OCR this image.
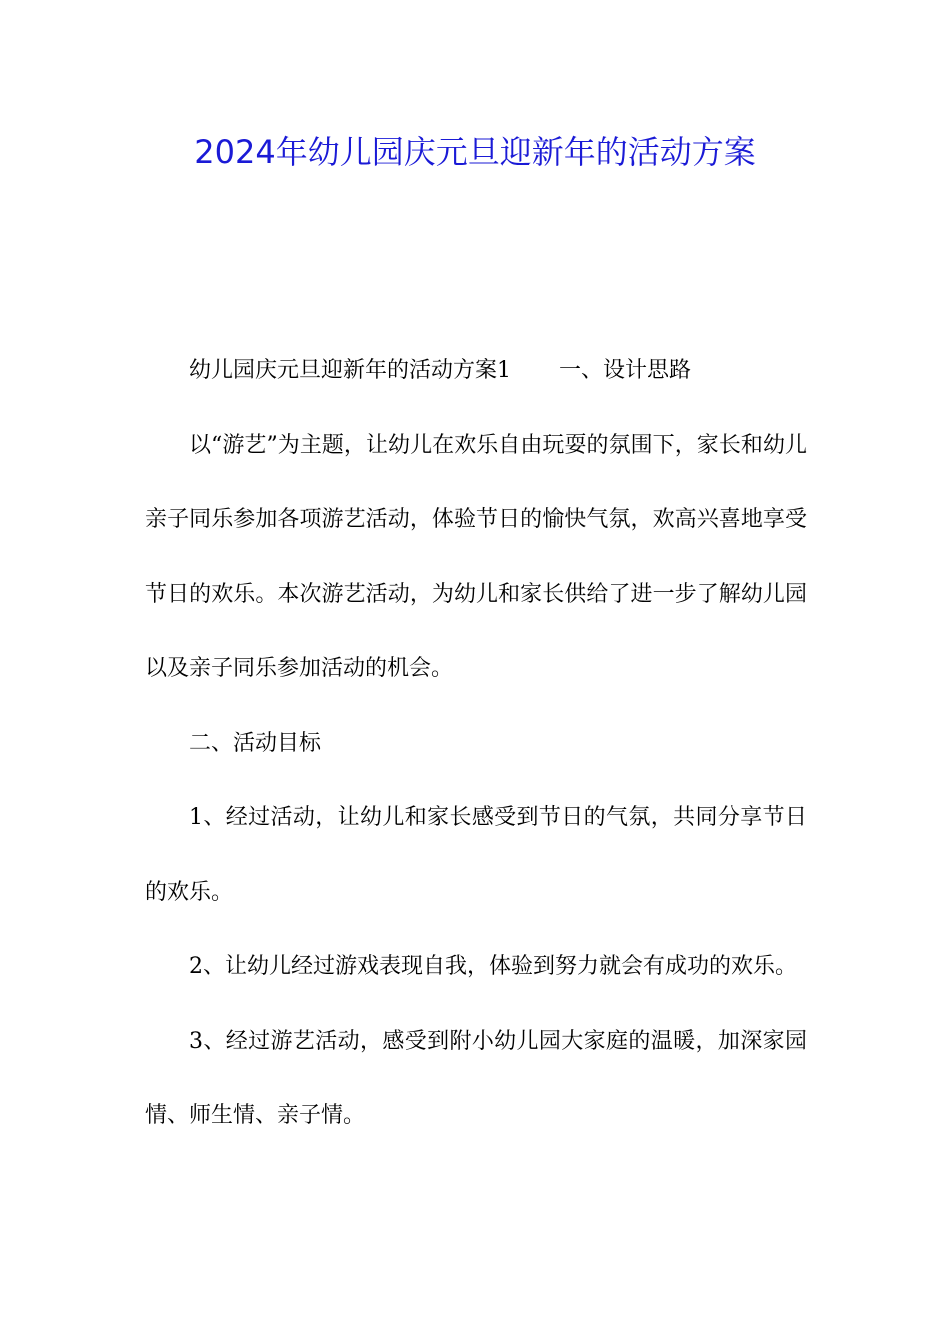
2024年幼儿园庆元旦迎新年的活动方案

幼儿园庆元旦迎新年的活动方案1 一、设计思路

以“游艺”为主题，让幼儿在欢乐自由玩耍的氛围下，家长和幼儿亲子同乐参加各项游艺活动，体验节日的愉快气氛，欢高兴喜地享受节日的欢乐。本次游艺活动，为幼儿和家长供给了进一步了解幼儿园以及亲子同乐参加活动的机会。

二、活动目标

1、经过活动，让幼儿和家长感受到节日的气氛，共同分享节日的欢乐。

2、让幼儿经过游戏表现自我，体验到努力就会有成功的欢乐。

3、经过游艺活动，感受到附小幼儿园大家庭的温暖，加深家园情、师生情、亲子情。
